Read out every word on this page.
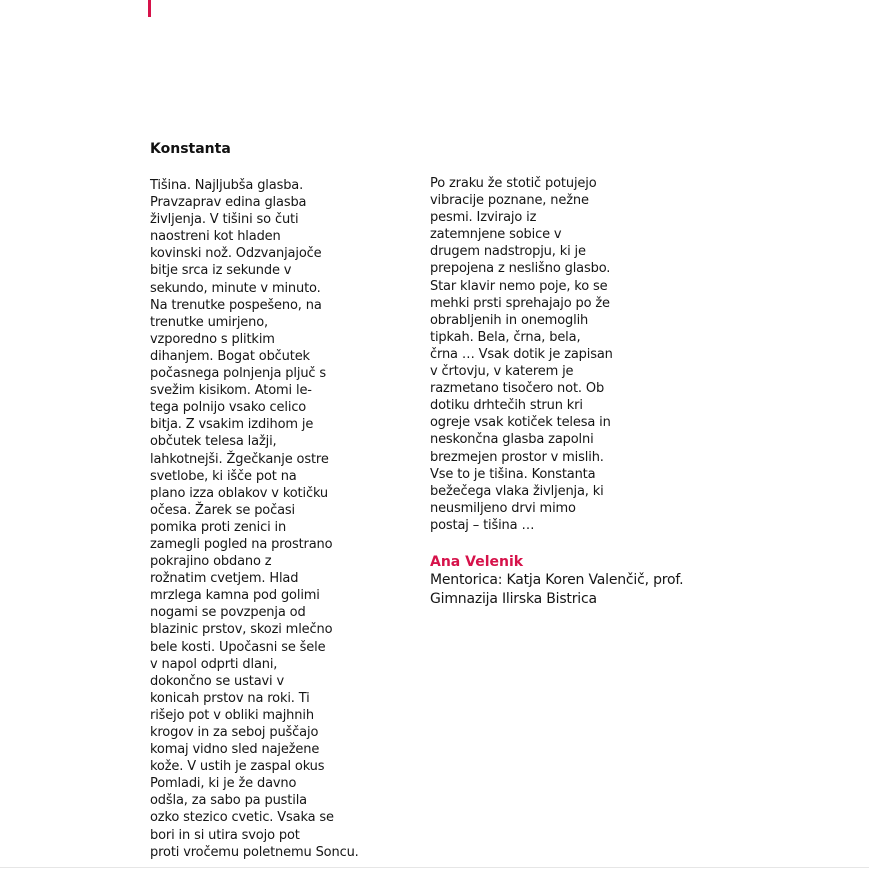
Konstanta
Tišina. Najljubša glasba.
Pravzaprav edina glasba
življenja. V tišini so čuti
naostreni kot hladen
kovinski nož. Odzvanjajoče
bitje srca iz sekunde v
sekundo, minute v minuto.
Na trenutke pospešeno, na
trenutke umirjeno,
vzporedno s plitkim
dihanjem. Bogat občutek
počasnega polnjenja pljuč s
svežim kisikom. Atomi le-
tega polnijo vsako celico
bitja. Z vsakim izdihom je
občutek telesa lažji,
lahkotnejši. Žgečkanje ostre
svetlobe, ki išče pot na
plano izza oblakov v kotičku
očesa. Žarek se počasi
pomika proti zenici in
zamegli pogled na prostrano
pokrajino obdano z
rožnatim cvetjem. Hlad
mrzlega kamna pod golimi
nogami se povzpenja od
blazinic prstov, skozi mlečno
bele kosti. Upočasni se šele
v napol odprti dlani,
dokončno se ustavi v
konicah prstov na roki. Ti
rišejo pot v obliki majhnih
krogov in za seboj puščajo
komaj vidno sled naježene
kože. V ustih je zaspal okus
Pomladi, ki je že davno
odšla, za sabo pa pustila
ozko stezico cvetic. Vsaka se
bori in si utira svojo pot
proti vročemu poletnemu Soncu.
Po zraku že stotič potujejo
vibracije poznane, nežne
pesmi. Izvirajo iz
zatemnjene sobice v
drugem nadstropju, ki je
prepojena z neslišno glasbo.
Star klavir nemo poje, ko se
mehki prsti sprehajajo po že
obrabljenih in onemoglih
tipkah. Bela, črna, bela,
črna … Vsak dotik je zapisan
v črtovju, v katerem je
razmetano tisočero not. Ob
dotiku drhtečih strun kri
ogreje vsak kotiček telesa in
neskončna glasba zapolni
brezmejen prostor v mislih.
Vse to je tišina. Konstanta
bežečega vlaka življenja, ki
neusmiljeno drvi mimo
postaj – tišina …
Ana Velenik
Mentorica: Katja Koren Valenčič, prof.
Gimnazija Ilirska Bistrica
